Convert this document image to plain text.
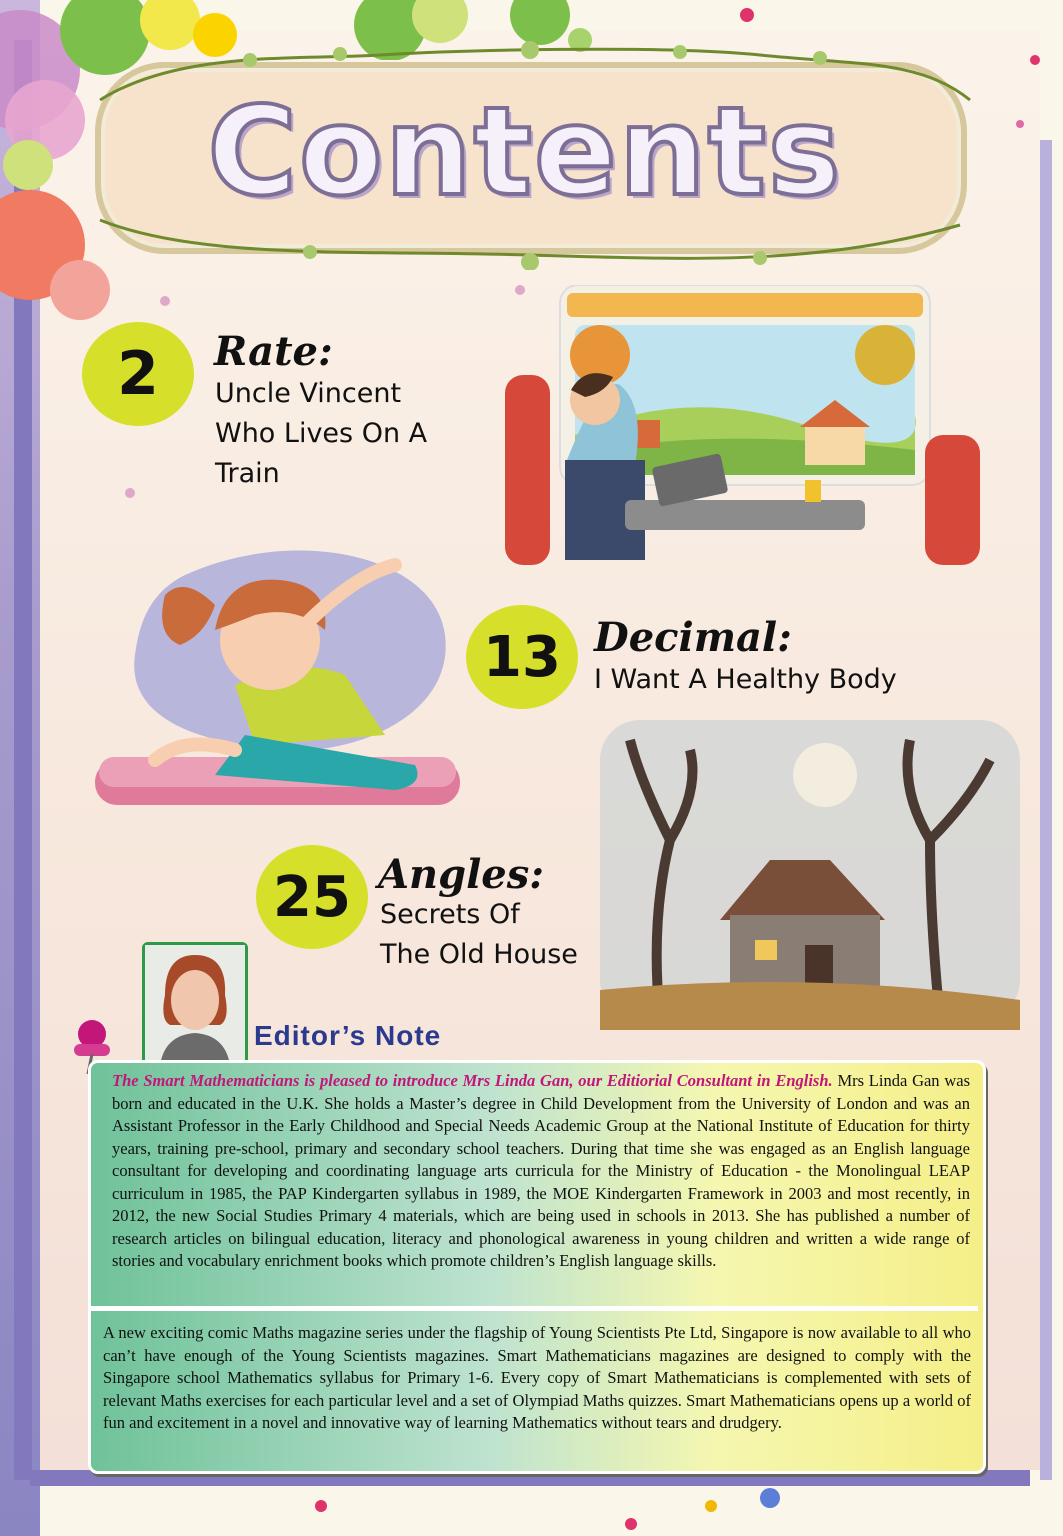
Contents
2	Rate:
Uncle Vincent
Who Lives On A
Train
13 Decimal:
I Want A Healthy Body
25 Angles:
Secrets Of
The Old House
Editor’s Note
The Smart Mathematicians is pleased to introduce Mrs Linda Gan, our Editiorial Consultant in English. Mrs Linda Gan was born and educated in the U.K. She holds a Master’s degree in Child Development from the University of London and was an Assistant Professor in the Early Childhood and Special Needs Academic Group at the National Institute of Education for thirty years, training pre-school, primary and secondary school teachers. During that time she was engaged as an English language consultant for developing and coordinating language arts curricula for the Ministry of Education - the Monolingual LEAP curriculum in 1985, the PAP Kindergarten syllabus in 1989, the MOE Kindergarten Framework in 2003 and most recently, in 2012, the new Social Studies Primary 4 materials, which are being used in schools in 2013. She has published a number of research articles on bilingual education, literacy and phonological awareness in young children and written a wide range of stories and vocabulary enrichment books which promote children’s English language skills.
A new exciting comic Maths magazine series under the flagship of Young Scientists Pte Ltd, Singapore is now available to all who can’t have enough of the Young Scientists magazines. Smart Mathematicians magazines are designed to comply with the Singapore school Mathematics syllabus for Primary 1-6. Every copy of Smart Mathematicians is complemented with sets of relevant Maths exercises for each particular level and a set of Olympiad Maths quizzes. Smart Mathematicians opens up a world of fun and excitement in a novel and innovative way of learning Mathematics without tears and drudgery.
